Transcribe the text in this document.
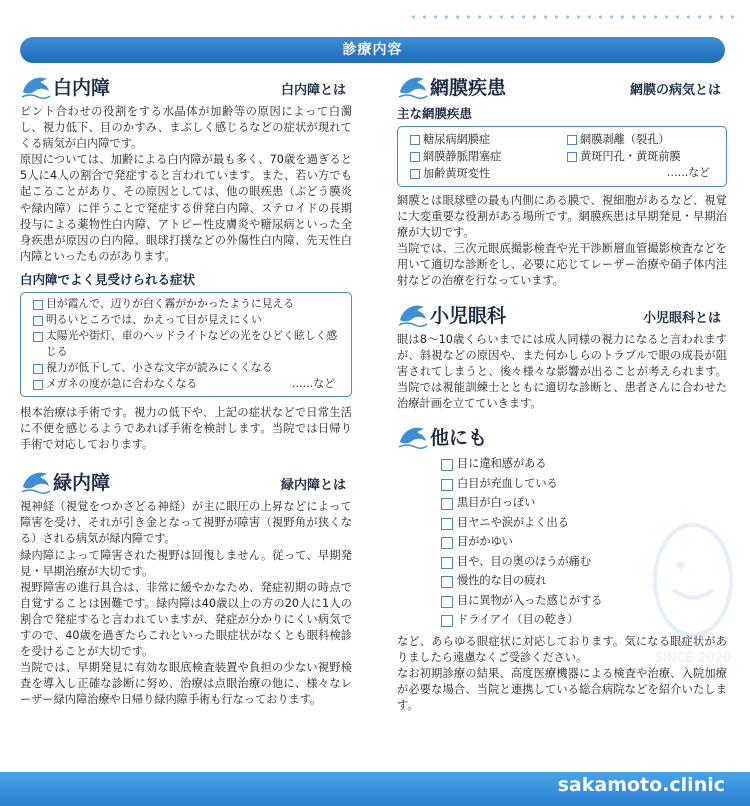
診療内容
白内障	白内障とは

ピント合わせの役割をする水晶体が加齢等の原因によって白濁し、視力低下、目のかすみ、まぶしく感じるなどの症状が現れてくる病気が白内障です。

原因については、加齢による白内障が最も多く、70歳を過ぎると5人に4人の割合で発症すると言われています。また、若い方でも起こることがあり、その原因としては、他の眼疾患（ぶどう膜炎や緑内障）に伴うことで発症する併発白内障、ステロイドの長期投与による薬物性白内障、アトピー性皮膚炎や糖尿病といった全身疾患が原因の白内障、眼球打撲などの外傷性白内障、先天性白内障といったものがあります。

白内障でよく見受けられる症状
目が霞んで、辺りが白く霧がかかったように見える
明るいところでは、かえって目が見えにくい
太陽光や街灯、車のヘッドライトなどの光をひどく眩しく感じる
視力が低下して、小さな文字が読みにくくなる
メガネの度が急に合わなくなる	……など

根本治療は手術です。視力の低下や、上記の症状などで日常生活に不便を感じるようであれば手術を検討します。当院では日帰り手術で対応しております。

緑内障	緑内障とは

視神経（視覚をつかさどる神経）が主に眼圧の上昇などによって障害を受け、それが引き金となって視野が障害（視野角が狭くなる）される病気が緑内障です。

緑内障によって障害された視野は回復しません。従って、早期発見・早期治療が大切です。

視野障害の進行具合は、非常に緩やかなため、発症初期の時点で自覚することは困難です。緑内障は40歳以上の方の20人に1人の割合で発症すると言われていますが、発症が分かりにくい病気ですので、40歳を過ぎたらこれといった眼症状がなくとも眼科検診を受けることが大切です。

当院では、早期発見に有効な眼底検査装置や負担の少ない視野検査を導入し正確な診断に努め、治療は点眼治療の他に、様々なレーザー緑内障治療や日帰り緑内障手術も行なっております。

網膜疾患	網膜の病気とは
主な網膜疾患
糖尿病網膜症	網膜剥離（裂孔）
網膜静脈閉塞症	黄斑円孔・黄斑前膜
加齢黄斑変性	……など

網膜とは眼球壁の最も内側にある膜で、視細胞があるなど、視覚に大変重要な役割がある場所です。網膜疾患は早期発見・早期治療が大切です。

当院では、三次元眼底撮影検査や光干渉断層血管撮影検査などを用いて適切な診断をし、必要に応じてレーザー治療や硝子体内注射などの治療を行なっています。

小児眼科	小児眼科とは

眼は8～10歳くらいまでには成人同様の視力になると言われますが、斜視などの原因や、また何かしらのトラブルで眼の成長が阻害されてしまうと、後々様々な影響が出ることが考えられます。当院では視能訓練士とともに適切な診断と、患者さんに合わせた治療計画を立てていきます。

他にも
目に違和感がある
白目が充血している
黒目が白っぽい
目ヤニや涙がよく出る
目がかゆい
目や、目の奥のほうが痛む
慢性的な目の疲れ
目に異物が入った感じがする
ドライアイ（目の乾き）

など、あらゆる眼症状に対応しております。気になる眼症状がありましたら遠慮なくご受診ください。

なお初期診療の結果、高度医療機器による検査や治療、入院加療が必要な場合、当院と連携している総合病院などを紹介いたします。

SINCE 2020
sakamoto.clinic
